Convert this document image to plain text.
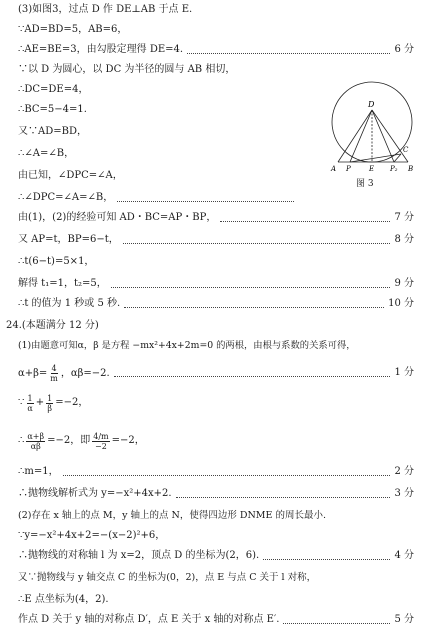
(3)如图3，过点 D 作 DE⊥AB 于点 E.
∵AD=BD=5，AB=6，
∴AE=BE=3，由勾股定理得 DE=4.	6 分
∵以 D 为圆心，以 DC 为半径的圆与 AB 相切，
∴DC=DE=4，
∴BC=5−4=1.
又∵AD=BD，
∴∠A=∠B，
由已知，∠DPC=∠A，
∴∠DPC=∠A=∠B，
D
A P	E P₂ B
C
图 3
由(1)，(2)的经验可知 AD・BC=AP・BP，	7 分
又 AP=t，BP=6−t，	8 分
∴t(6−t)=5×1，
解得 t₁=1，t₂=5，	9 分
∴t 的值为 1 秒或 5 秒.	10 分
24.(本题满分 12 分)
(1)由题意可知α，β 是方程 −mx²+4x+2m=0 的两根，由根与系数的关系可得，
$\alpha+\beta= \frac{4}{m}$ ，αβ=−2.	1 分
∵ $\frac{1}{\alpha} + \frac{1}{\beta} =-2$，
∴ $\frac{\alpha+\beta}{\alpha\beta} =-2$，即 $\frac{4/m}{-2} =-2$，
∴m=1，	2 分
∴抛物线解析式为 y=−x²+4x+2.	3 分
(2)存在 x 轴上的点 M，y 轴上的点 N，使得四边形 DNME 的周长最小.
∵y=−x²+4x+2=−(x−2)²+6，
∴抛物线的对称轴 l 为 x=2，顶点 D 的坐标为(2，6).	4 分
又∵抛物线与 y 轴交点 C 的坐标为(0，2)，点 E 与点 C 关于 l 对称，
∴E 点坐标为(4，2).
作点 D 关于 y 轴的对称点 D′，点 E 关于 x 轴的对称点 E′.	5 分
